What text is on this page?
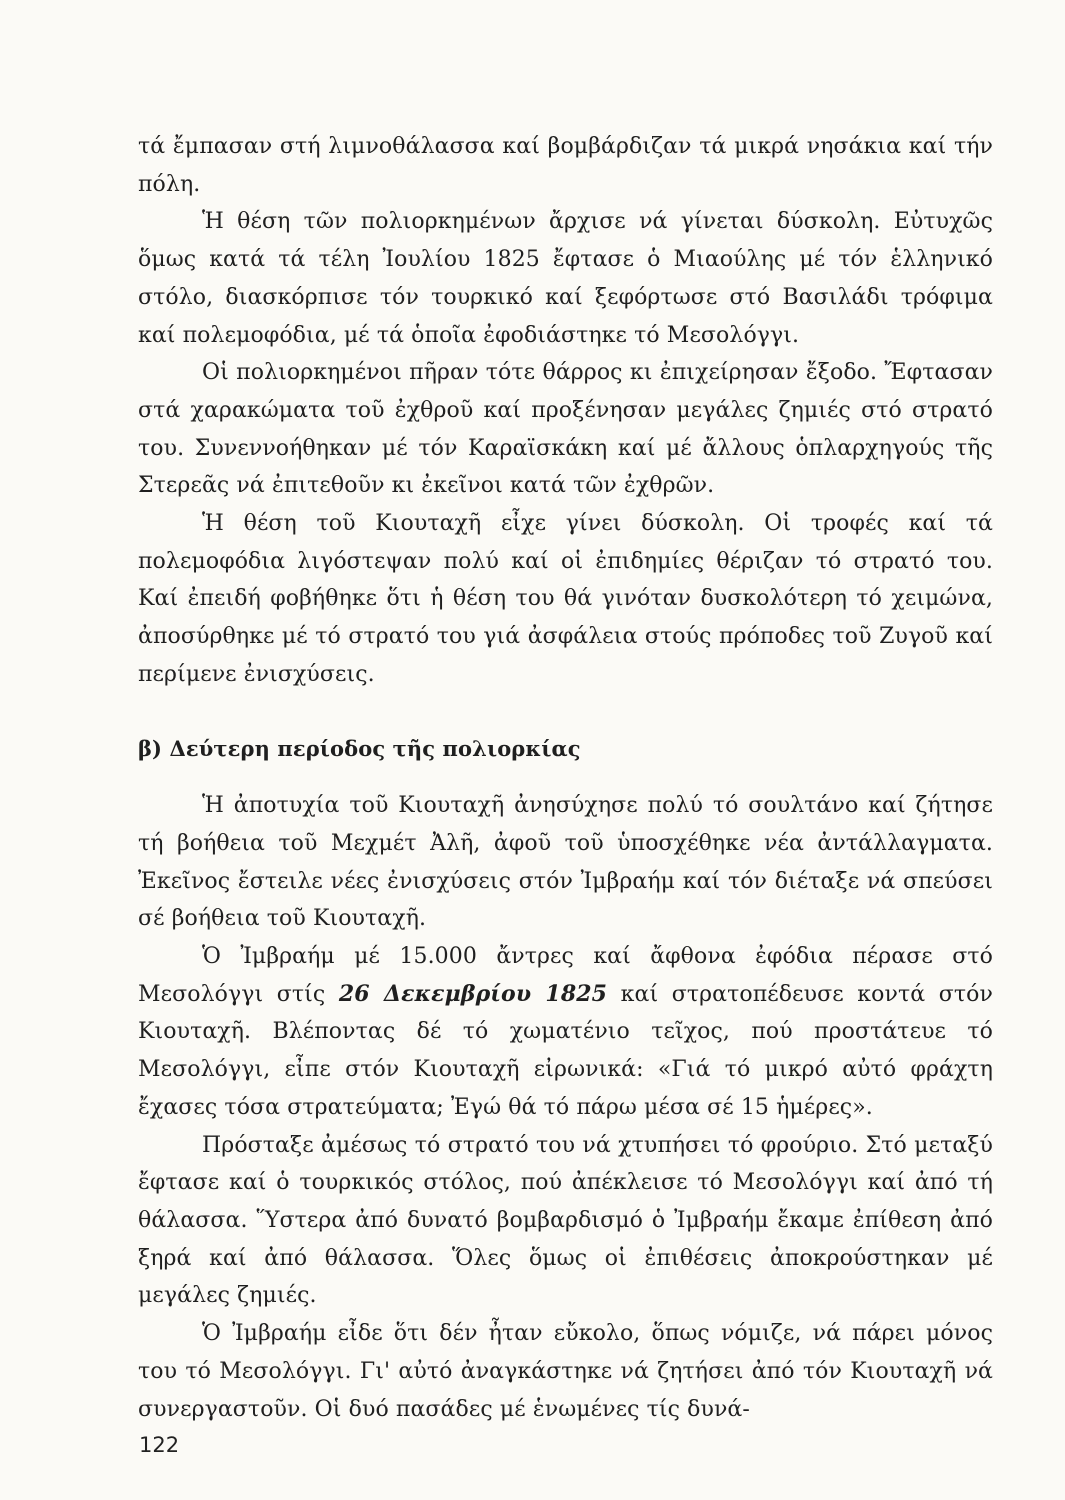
τά ἔμπασαν στή λιμνοθάλασσα καί βομβάρδιζαν τά μικρά νησάκια καί τήν πόλη.

Ἡ θέση τῶν πολιορκημένων ἄρχισε νά γίνεται δύσκολη. Εὐτυχῶς ὅμως κατά τά τέλη Ἰουλίου 1825 ἔφτασε ὁ Μιαούλης μέ τόν ἑλληνικό στόλο, διασκόρπισε τόν τουρκικό καί ξεφόρτωσε στό Βασιλάδι τρόφιμα καί πολεμοφόδια, μέ τά ὁποῖα ἐφοδιάστηκε τό Μεσολόγγι.

Οἱ πολιορκημένοι πῆραν τότε θάρρος κι ἐπιχείρησαν ἔξοδο. Ἔφτασαν στά χαρακώματα τοῦ ἐχθροῦ καί προξένησαν μεγάλες ζημιές στό στρατό του. Συνεννοήθηκαν μέ τόν Καραϊσκάκη καί μέ ἄλλους ὁπλαρχηγούς τῆς Στερεᾶς νά ἐπιτεθοῦν κι ἐκεῖνοι κατά τῶν ἐχθρῶν.

Ἡ θέση τοῦ Κιουταχῆ εἶχε γίνει δύσκολη. Οἱ τροφές καί τά πολεμοφόδια λιγόστεψαν πολύ καί οἱ ἐπιδημίες θέριζαν τό στρατό του. Καί ἐπειδή φοβήθηκε ὅτι ἡ θέση του θά γινόταν δυσκολότερη τό χειμώνα, ἀποσύρθηκε μέ τό στρατό του γιά ἀσφάλεια στούς πρόποδες τοῦ Ζυγοῦ καί περίμενε ἐνισχύσεις.

β) Δεύτερη περίοδος τῆς πολιορκίας

Ἡ ἀποτυχία τοῦ Κιουταχῆ ἀνησύχησε πολύ τό σουλτάνο καί ζήτησε τή βοήθεια τοῦ Μεχμέτ Ἀλῆ, ἀφοῦ τοῦ ὑποσχέθηκε νέα ἀντάλλαγματα. Ἐκεῖνος ἔστειλε νέες ἐνισχύσεις στόν Ἰμβραήμ καί τόν διέταξε νά σπεύσει σέ βοήθεια τοῦ Κιουταχῆ.

Ὁ Ἰμβραήμ μέ 15.000 ἄντρες καί ἄφθονα ἐφόδια πέρασε στό Μεσολόγγι στίς 26 Δεκεμβρίου 1825 καί στρατοπέδευσε κοντά στόν Κιουταχῆ. Βλέποντας δέ τό χωματένιο τεῖχος, πού προστάτευε τό Μεσολόγγι, εἶπε στόν Κιουταχῆ εἰρωνικά: «Γιά τό μικρό αὐτό φράχτη ἔχασες τόσα στρατεύματα; Ἐγώ θά τό πάρω μέσα σέ 15 ἡμέρες».

Πρόσταξε ἀμέσως τό στρατό του νά χτυπήσει τό φρούριο. Στό μεταξύ ἔφτασε καί ὁ τουρκικός στόλος, πού ἀπέκλεισε τό Μεσολόγγι καί ἀπό τή θάλασσα. Ὕστερα ἀπό δυνατό βομβαρδισμό ὁ Ἰμβραήμ ἔκαμε ἐπίθεση ἀπό ξηρά καί ἀπό θάλασσα. Ὅλες ὅμως οἱ ἐπιθέσεις ἀποκρούστηκαν μέ μεγάλες ζημιές.

Ὁ Ἰμβραήμ εἶδε ὅτι δέν ἦταν εὔκολο, ὅπως νόμιζε, νά πάρει μόνος του τό Μεσολόγγι. Γι' αὐτό ἀναγκάστηκε νά ζητήσει ἀπό τόν Κιουταχῆ νά συνεργαστοῦν. Οἱ δυό πασάδες μέ ἑνωμένες τίς δυνά-

122
